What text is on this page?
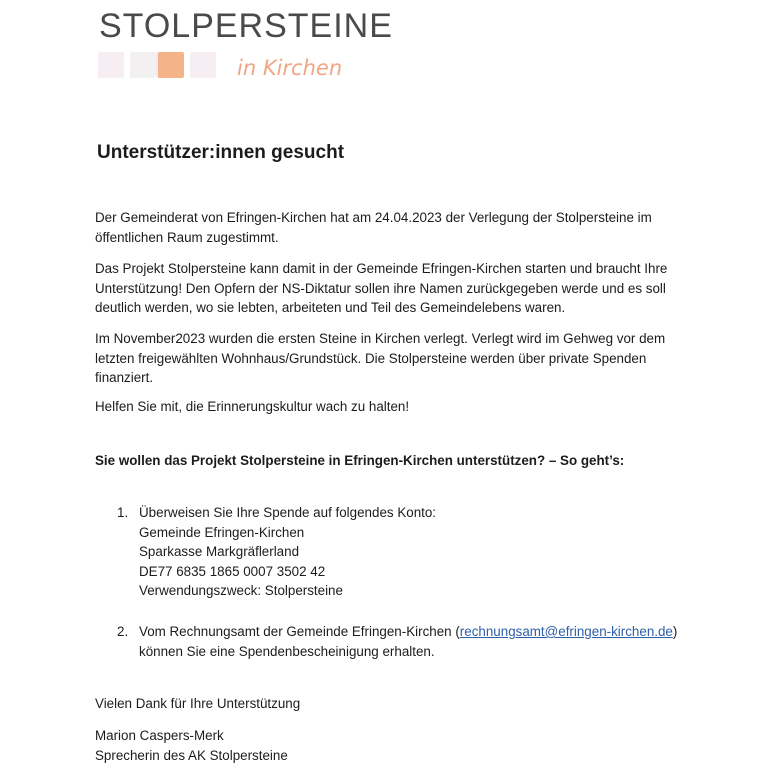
STOLPERSTEINE
in Kirchen
Unterstützer:innen gesucht

Der Gemeinderat von Efringen-Kirchen hat am 24.04.2023 der Verlegung der Stolpersteine im
öffentlichen Raum zugestimmt.

Das Projekt Stolpersteine kann damit in der Gemeinde Efringen-Kirchen starten und braucht Ihre
Unterstützung! Den Opfern der NS-Diktatur sollen ihre Namen zurückgegeben werde und es soll
deutlich werden, wo sie lebten, arbeiteten und Teil des Gemeindelebens waren.

Im November2023 wurden die ersten Steine in Kirchen verlegt. Verlegt wird im Gehweg vor dem
letzten freigewählten Wohnhaus/Grundstück. Die Stolpersteine werden über private Spenden
finanziert.

Helfen Sie mit, die Erinnerungskultur wach zu halten!

Sie wollen das Projekt Stolpersteine in Efringen-Kirchen unterstützen? – So geht’s:

1. Überweisen Sie Ihre Spende auf folgendes Konto:
Gemeinde Efringen-Kirchen
Sparkasse Markgräflerland
DE77 6835 1865 0007 3502 42
Verwendungszweck: Stolpersteine
2. Vom Rechnungsamt der Gemeinde Efringen-Kirchen (rechnungsamt@efringen-kirchen.de)
können Sie eine Spendenbescheinigung erhalten.

Vielen Dank für Ihre Unterstützung

Marion Caspers-Merk
Sprecherin des AK Stolpersteine
